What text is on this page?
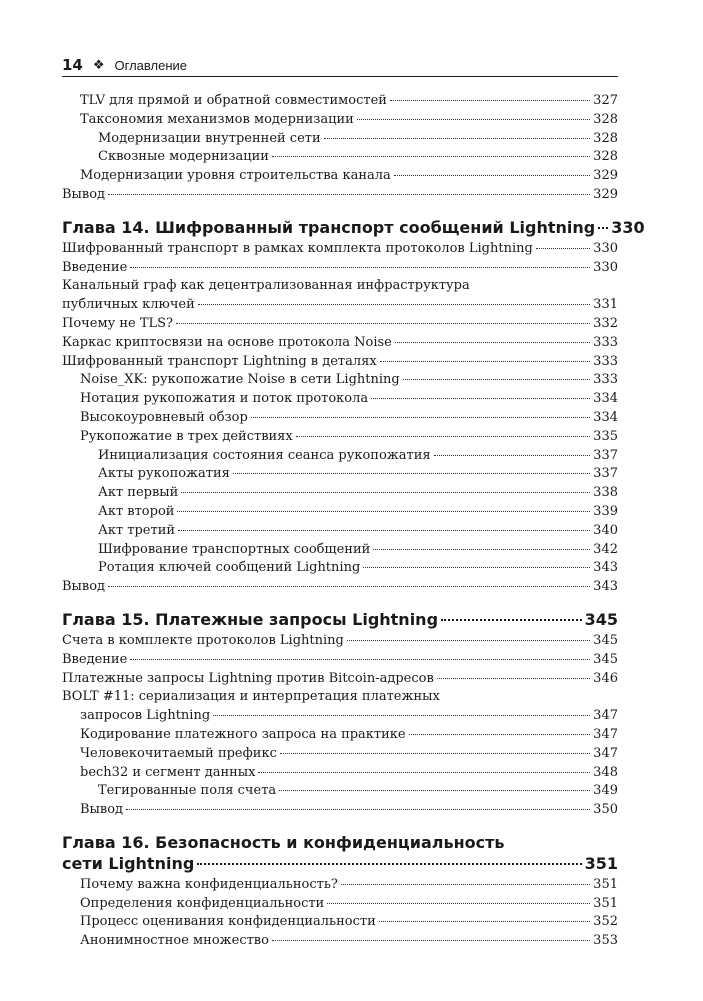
14 ❖ Оглавление
TLV для прямой и обратной совместимостей	327
Таксономия механизмов модернизации	328
Модернизации внутренней сети	328
Сквозные модернизации	328
Модернизации уровня строительства канала	329
Вывод	329
Глава 14. Шифрованный транспорт сообщений Lightning 330
Шифрованный транспорт в рамках комплекта протоколов Lightning	330
Введение	330
Канальный граф как децентрализованная инфраструктура
публичных ключей	331
Почему не TLS?	332
Каркас криптосвязи на основе протокола Noise	333
Шифрованный транспорт Lightning в деталях	333
Noise_XK: рукопожатие Noise в сети Lightning	333
Нотация рукопожатия и поток протокола	334
Высокоуровневый обзор	334
Рукопожатие в трех действиях	335
Инициализация состояния сеанса рукопожатия	337
Акты рукопожатия	337
Акт первый	338
Акт второй	339
Акт третий	340
Шифрование транспортных сообщений	342
Ротация ключей сообщений Lightning	343
Вывод	343
Глава 15. Платежные запросы Lightning	345
Счета в комплекте протоколов Lightning	345
Введение	345
Платежные запросы Lightning против Bitcoin-адресов	346
BOLT #11: сериализация и интерпретация платежных
запросов Lightning	347
Кодирование платежного запроса на практике	347
Человекочитаемый префикс	347
bech32 и сегмент данных	348
Тегированные поля счета	349
Вывод	350
Глава 16. Безопасность и конфиденциальность
сети Lightning	351
Почему важна конфиденциальность?	351
Определения конфиденциальности	351
Процесс оценивания конфиденциальности	352
Анонимностное множество	353
